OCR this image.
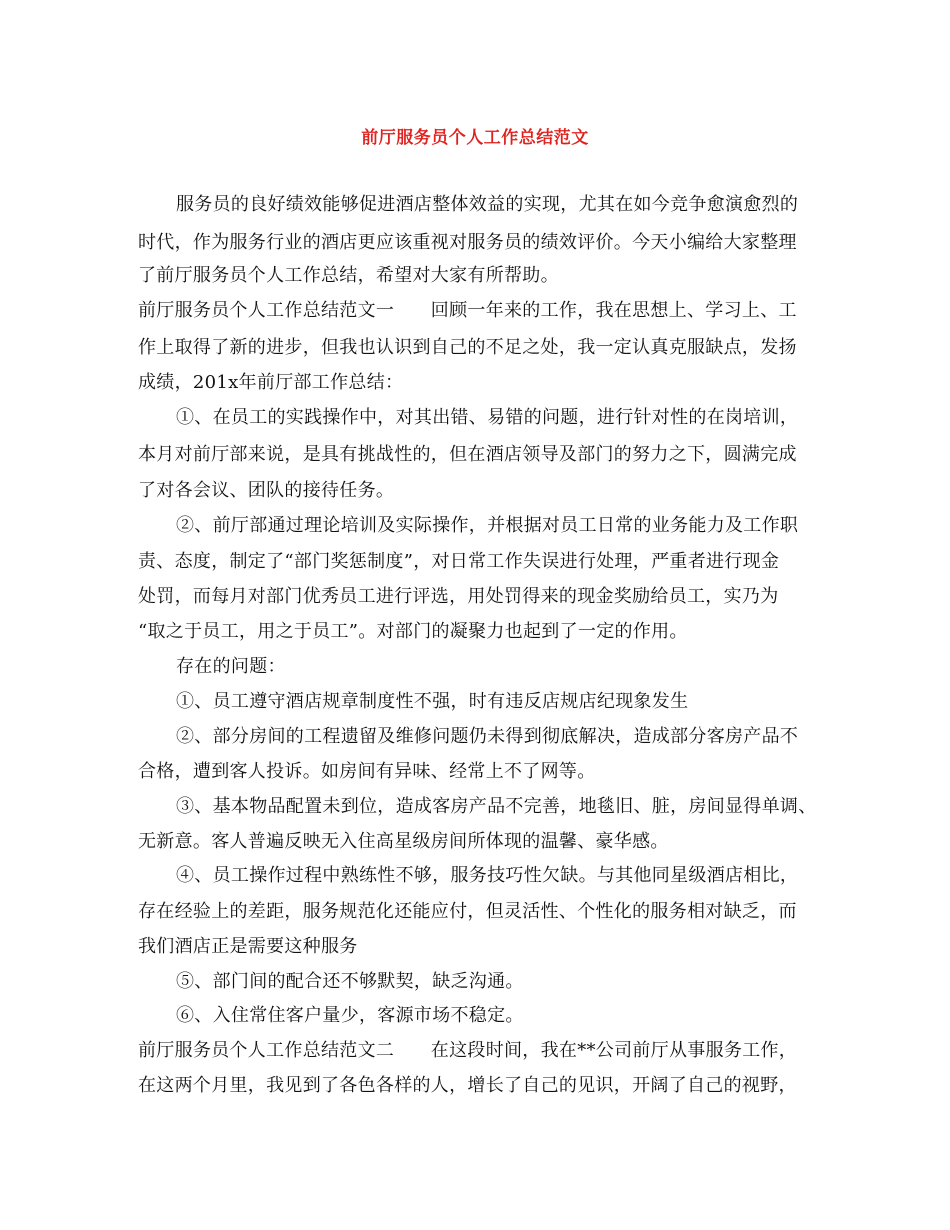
前厅服务员个人工作总结范文
服务员的良好绩效能够促进酒店整体效益的实现，尤其在如今竞争愈演愈烈的
时代，作为服务行业的酒店更应该重视对服务员的绩效评价。今天小编给大家整理
了前厅服务员个人工作总结，希望对大家有所帮助。
前厅服务员个人工作总结范文一　　回顾一年来的工作，我在思想上、学习上、工
作上取得了新的进步，但我也认识到自己的不足之处，我一定认真克服缺点，发扬
成绩，201x年前厅部工作总结：
①、在员工的实践操作中，对其出错、易错的问题，进行针对性的在岗培训，
本月对前厅部来说，是具有挑战性的，但在酒店领导及部门的努力之下，圆满完成
了对各会议、团队的接待任务。
②、前厅部通过理论培训及实际操作，并根据对员工日常的业务能力及工作职
责、态度，制定了“部门奖惩制度”，对日常工作失误进行处理，严重者进行现金
处罚，而每月对部门优秀员工进行评选，用处罚得来的现金奖励给员工，实乃为
“取之于员工，用之于员工”。对部门的凝聚力也起到了一定的作用。
存在的问题：
①、员工遵守酒店规章制度性不强，时有违反店规店纪现象发生
②、部分房间的工程遗留及维修问题仍未得到彻底解决，造成部分客房产品不
合格，遭到客人投诉。如房间有异味、经常上不了网等。
③、基本物品配置未到位，造成客房产品不完善，地毯旧、脏，房间显得单调、
无新意。客人普遍反映无入住高星级房间所体现的温馨、豪华感。
④、员工操作过程中熟练性不够，服务技巧性欠缺。与其他同星级酒店相比，
存在经验上的差距，服务规范化还能应付，但灵活性、个性化的服务相对缺乏，而
我们酒店正是需要这种服务
⑤、部门间的配合还不够默契，缺乏沟通。
⑥、入住常住客户量少，客源市场不稳定。
前厅服务员个人工作总结范文二　　在这段时间，我在**公司前厅从事服务工作，
在这两个月里，我见到了各色各样的人，增长了自己的见识，开阔了自己的视野，
